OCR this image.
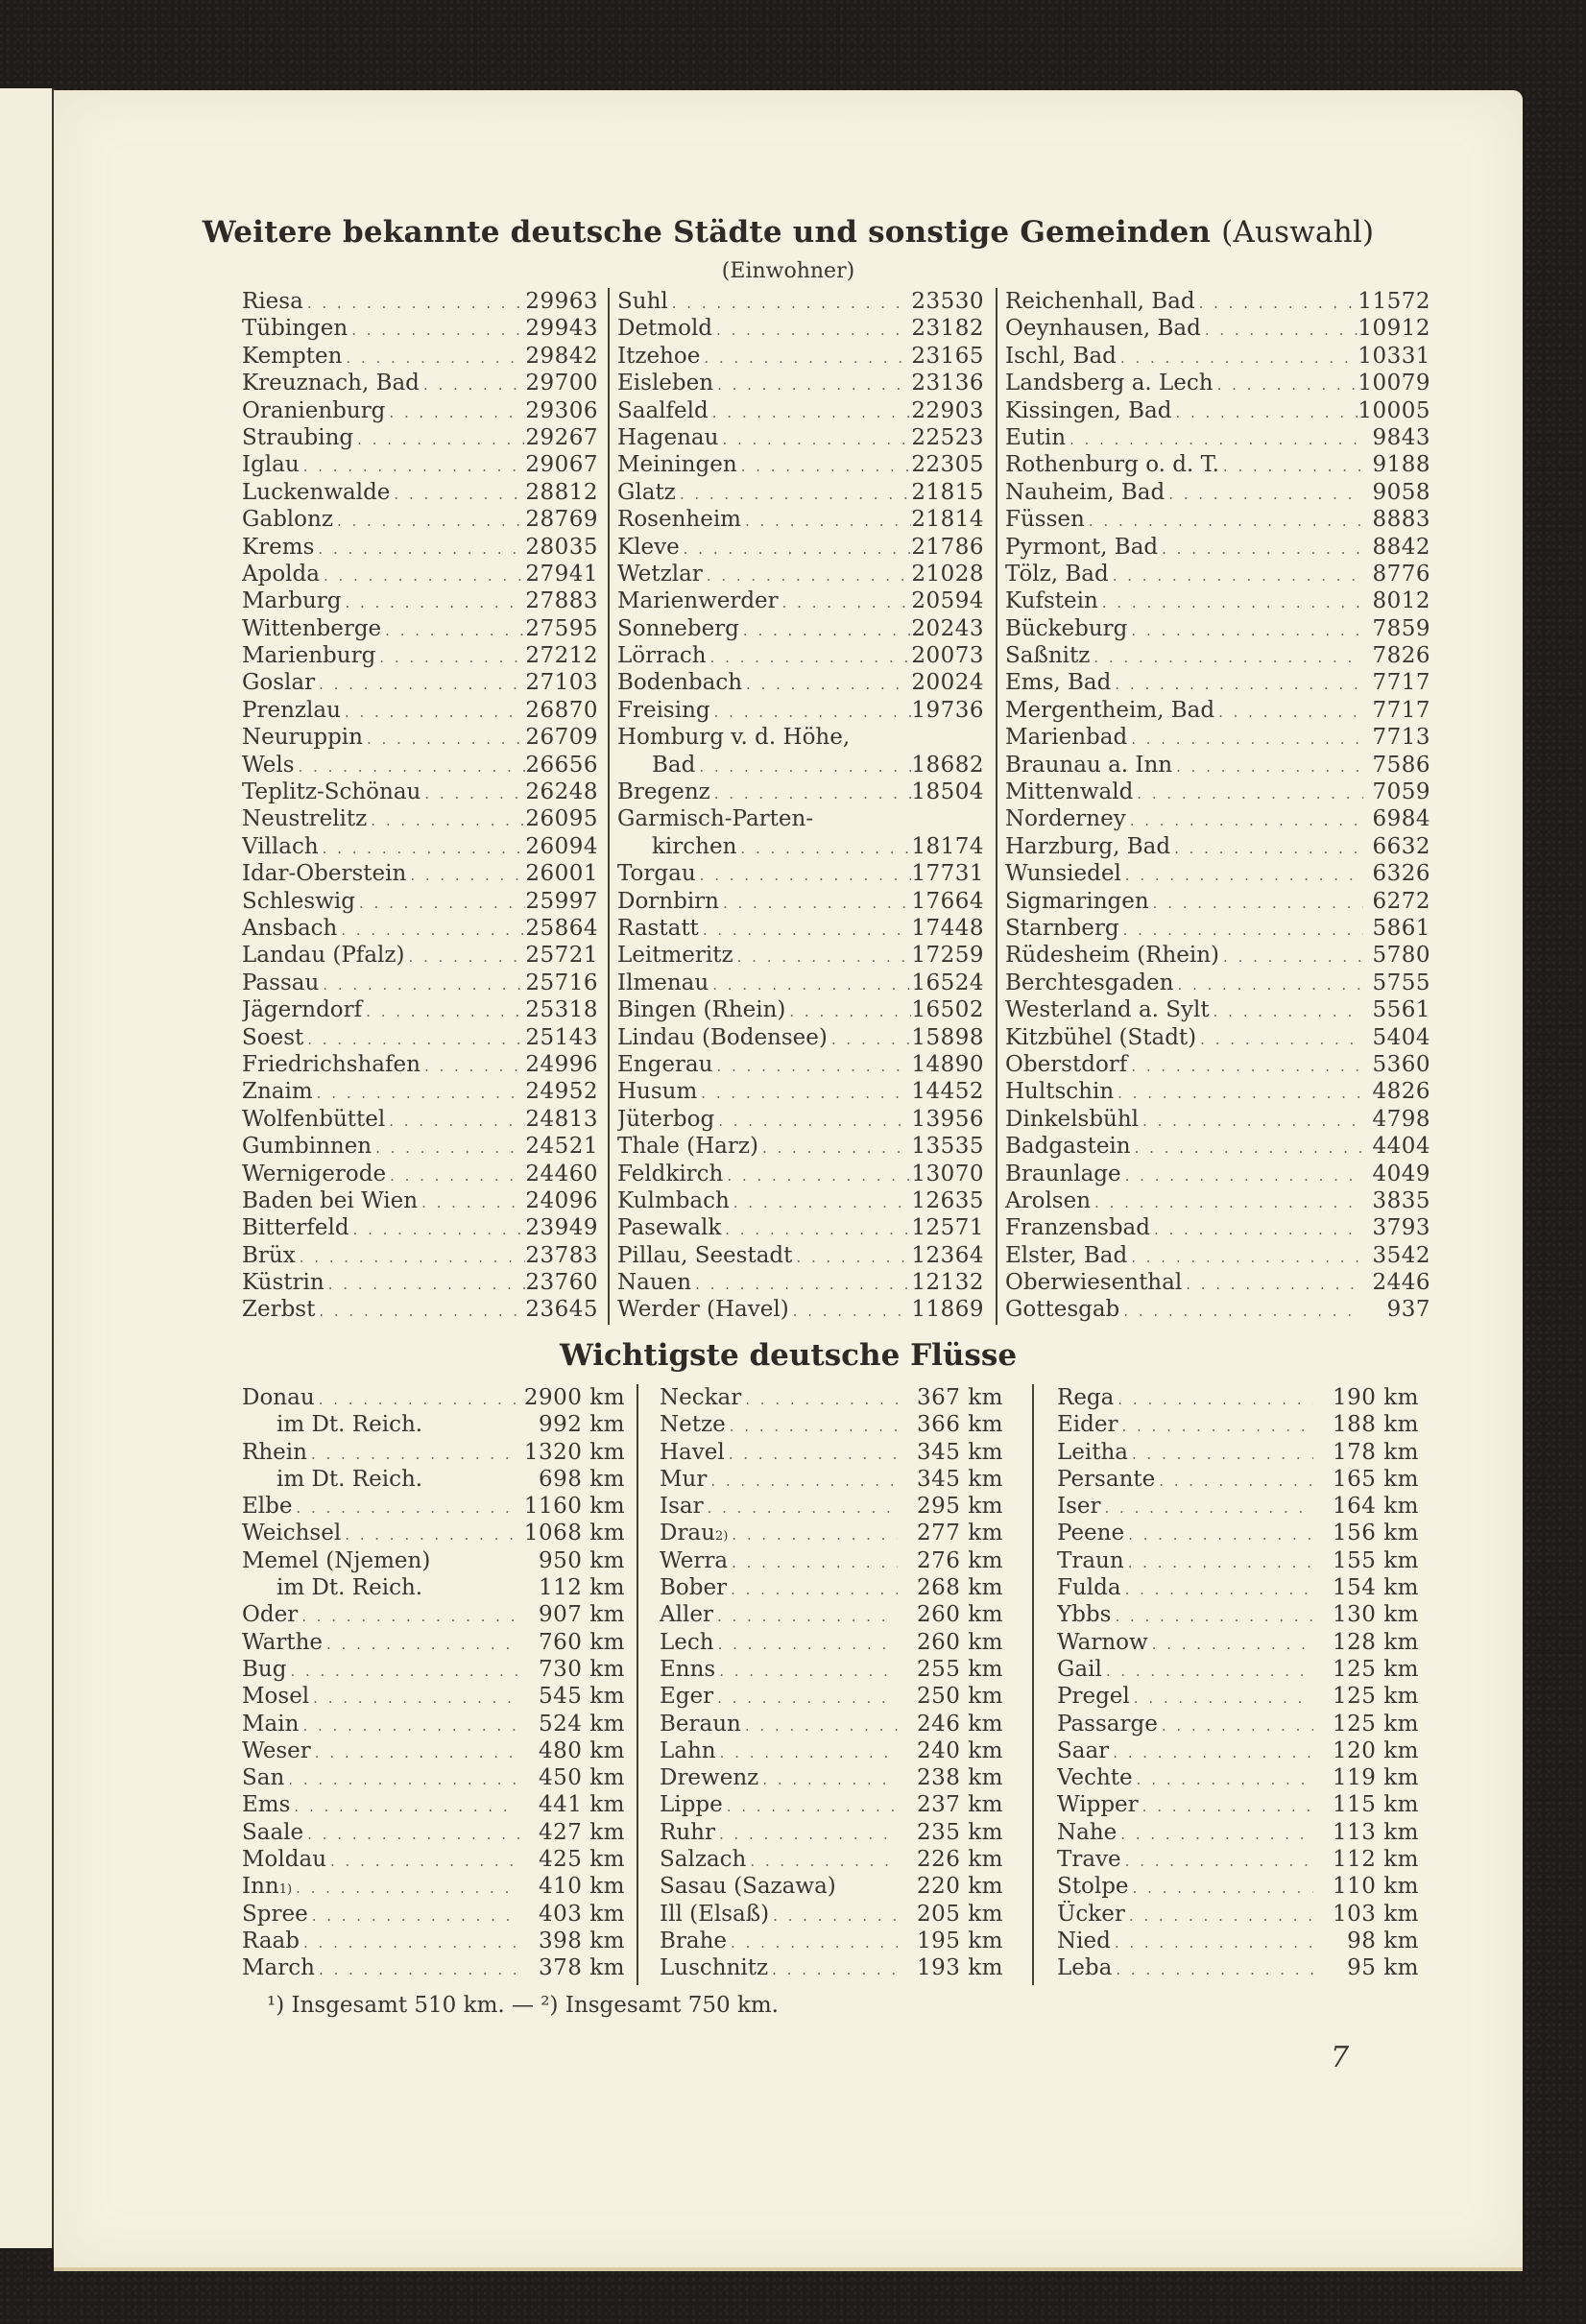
Weitere bekannte deutsche Städte und sonstige Gemeinden (Auswahl)
(Einwohner)
Riesa . . .	29963
Tübingen . . .	29943
Kempten . . .	29842
Kreuznach, Bad . . .	29700
Oranienburg . . .	29306
Straubing . . .	29267
Iglau . . .	29067
Luckenwalde . . .	28812
Gablonz . . .	28769
Krems . . .	28035
Apolda . . .	27941
Marburg . . .	27883
Wittenberge . . .	27595
Marienburg . . .	27212
Goslar . . .	27103
Prenzlau . . .	26870
Neuruppin . . .	26709
Wels . . .	26656
Teplitz-Schönau . . .	26248
Neustrelitz . . .	26095
Villach . . .	26094
Idar-Oberstein . . .	26001
Schleswig . . .	25997
Ansbach . . .	25864
Landau (Pfalz) . . .	25721
Passau . . .	25716
Jägerndorf . . .	25318
Soest . . .	25143
Friedrichshafen . . .	24996
Znaim . . .	24952
Wolfenbüttel . . .	24813
Gumbinnen . . .	24521
Wernigerode . . .	24460
Baden bei Wien . . .	24096
Bitterfeld . . .	23949
Brüx . . .	23783
Küstrin . . .	23760
Zerbst . . .	23645
Suhl . . .	23530
Detmold . . .	23182
Itzehoe . . .	23165
Eisleben . . .	23136
Saalfeld . . .	22903
Hagenau . . .	22523
Meiningen . . .	22305
Glatz . . .	21815
Rosenheim . . .	21814
Kleve . . .	21786
Wetzlar . . .	21028
Marienwerder . . .	20594
Sonneberg . . .	20243
Lörrach . . .	20073
Bodenbach . . .	20024
Freising . . .	19736
Homburg v. d. Höhe,
Bad . . .	18682
Bregenz . . .	18504
Garmisch-Parten-
kirchen . . .	18174
Torgau . . .	17731
Dornbirn . . .	17664
Rastatt . . .	17448
Leitmeritz . . .	17259
Ilmenau . . .	16524
Bingen (Rhein) . . .	16502
Lindau (Bodensee) . . .	15898
Engerau . . .	14890
Husum . . .	14452
Jüterbog . . .	13956
Thale (Harz) . . .	13535
Feldkirch . . .	13070
Kulmbach . . .	12635
Pasewalk . . .	12571
Pillau, Seestadt . . .	12364
Nauen . . .	12132
Werder (Havel) . . .	11869
Reichenhall, Bad . . .	11572
Oeynhausen, Bad . . .	10912
Ischl, Bad . . .	10331
Landsberg a. Lech . . .	10079
Kissingen, Bad . . .	10005
Eutin . . .	9843
Rothenburg o. d. T. . . .	9188
Nauheim, Bad . . .	9058
Füssen . . .	8883
Pyrmont, Bad . . .	8842
Tölz, Bad . . .	8776
Kufstein . . .	8012
Bückeburg . . .	7859
Saßnitz . . .	7826
Ems, Bad . . .	7717
Mergentheim, Bad . . .	7717
Marienbad . . .	7713
Braunau a. Inn . . .	7586
Mittenwald . . .	7059
Norderney . . .	6984
Harzburg, Bad . . .	6632
Wunsiedel . . .	6326
Sigmaringen . . .	6272
Starnberg . . .	5861
Rüdesheim (Rhein) . . .	5780
Berchtesgaden . . .	5755
Westerland a. Sylt . . .	5561
Kitzbühel (Stadt) . . .	5404
Oberstdorf . . .	5360
Hultschin . . .	4826
Dinkelsbühl . . .	4798
Badgastein . . .	4404
Braunlage . . .	4049
Arolsen . . .	3835
Franzensbad . . .	3793
Elster, Bad . . .	3542
Oberwiesenthal . . .	2446
Gottesgab . . .	937
Wichtigste deutsche Flüsse
Donau . . .	2900 km
im Dt. Reich.	992 km
Rhein . . .	1320 km
im Dt. Reich.	698 km
Elbe . . .	1160 km
Weichsel . . .	1068 km
Memel (Njemen)	950 km
im Dt. Reich.	112 km
Oder . . .	907 km
Warthe . . .	760 km
Bug . . .	730 km
Mosel . . .	545 km
Main . . .	524 km
Weser . . .	480 km
San . . .	450 km
Ems . . .	441 km
Saale . . .	427 km
Moldau . . .	425 km
Inn 1) . . .	410 km
Spree . . .	403 km
Raab . . .	398 km
March . . .	378 km
Neckar . . .	367 km
Netze . . .	366 km
Havel . . .	345 km
Mur . . .	345 km
Isar . . .	295 km
Drau 2) . . .	277 km
Werra . . .	276 km
Bober . . .	268 km
Aller . . .	260 km
Lech . . .	260 km
Enns . . .	255 km
Eger . . .	250 km
Beraun . . .	246 km
Lahn . . .	240 km
Drewenz . . .	238 km
Lippe . . .	237 km
Ruhr . . .	235 km
Salzach . . .	226 km
Sasau (Sazawa)	220 km
Ill (Elsaß) . . .	205 km
Brahe . . .	195 km
Luschnitz . . .	193 km
Rega . . .	190 km
Eider . . .	188 km
Leitha . . .	178 km
Persante . . .	165 km
Iser . . .	164 km
Peene . . .	156 km
Traun . . .	155 km
Fulda . . .	154 km
Ybbs . . .	130 km
Warnow . . .	128 km
Gail . . .	125 km
Pregel . . .	125 km
Passarge . . .	125 km
Saar . . .	120 km
Vechte . . .	119 km
Wipper . . .	115 km
Nahe . . .	113 km
Trave . . .	112 km
Stolpe . . .	110 km
Ücker . . .	103 km
Nied . . .	98 km
Leba . . .	95 km
¹) Insgesamt 510 km. — ²) Insgesamt 750 km.
7
